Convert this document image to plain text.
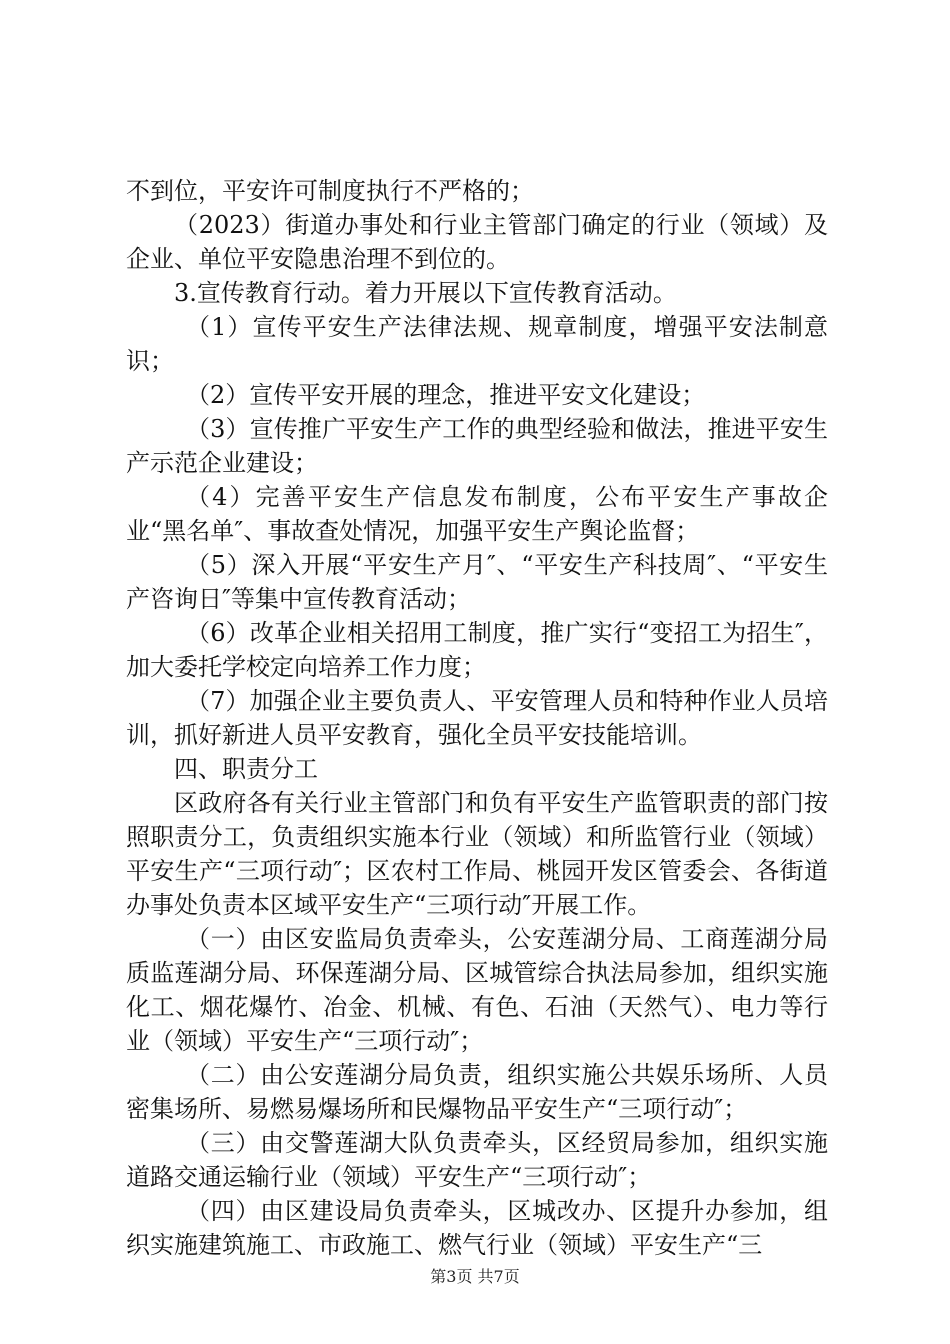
不到位，平安许可制度执行不严格的；

（2023）街道办事处和行业主管部门确定的行业（领域）及企业、单位平安隐患治理不到位的。

3.宣传教育行动。着力开展以下宣传教育活动。

（1）宣传平安生产法律法规、规章制度，增强平安法制意识；

（2）宣传平安开展的理念，推进平安文化建设；

（3）宣传推广平安生产工作的典型经验和做法，推进平安生产示范企业建设；

（4）完善平安生产信息发布制度，公布平安生产事故企业“黑名单″、事故查处情况，加强平安生产舆论监督；

（5）深入开展“平安生产月″、“平安生产科技周″、“平安生产咨询日″等集中宣传教育活动；

（6）改革企业相关招用工制度，推广实行“变招工为招生″，加大委托学校定向培养工作力度；

（7）加强企业主要负责人、平安管理人员和特种作业人员培训，抓好新进人员平安教育，强化全员平安技能培训。

四、职责分工

区政府各有关行业主管部门和负有平安生产监管职责的部门按照职责分工，负责组织实施本行业（领域）和所监管行业（领域）平安生产“三项行动″；区农村工作局、桃园开发区管委会、各街道办事处负责本区域平安生产“三项行动″开展工作。

（一）由区安监局负责牵头，公安莲湖分局、工商莲湖分局质监莲湖分局、环保莲湖分局、区城管综合执法局参加，组织实施化工、烟花爆竹、冶金、机械、有色、石油（天然气）、电力等行业（领域）平安生产“三项行动″；

（二）由公安莲湖分局负责，组织实施公共娱乐场所、人员密集场所、易燃易爆场所和民爆物品平安生产“三项行动″；

（三）由交警莲湖大队负责牵头，区经贸局参加，组织实施道路交通运输行业（领域）平安生产“三项行动″；

（四）由区建设局负责牵头，区城改办、区提升办参加，组织实施建筑施工、市政施工、燃气行业（领域）平安生产“三

第3页 共7页
